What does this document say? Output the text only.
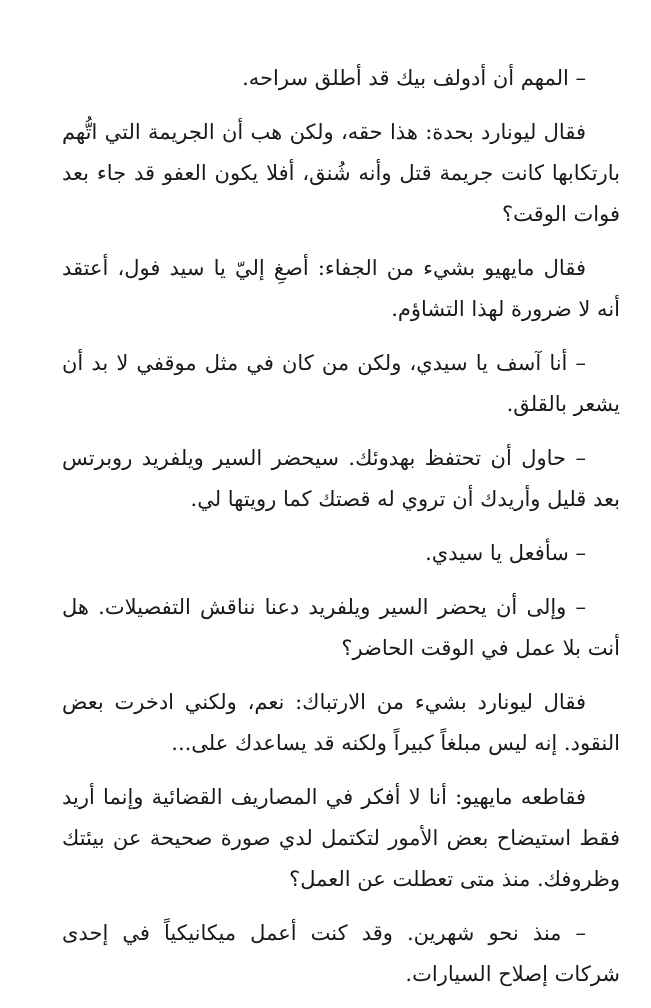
– المهم أن أدولف بيك قد أطلق سراحه.

فقال ليونارد بحدة: هذا حقه، ولكن هب أن الجريمة التي اتُّهم بارتكابها كانت جريمة قتل وأنه شُنق، أفلا يكون العفو قد جاء بعد فوات الوقت؟

فقال مايهيو بشيء من الجفاء: أصغِ إليّ يا سيد فول، أعتقد أنه لا ضرورة لهذا التشاؤم.

– أنا آسف يا سيدي، ولكن من كان في مثل موقفي لا بد أن يشعر بالقلق.

– حاول أن تحتفظ بهدوئك. سيحضر السير ويلفريد روبرتس بعد قليل وأريدك أن تروي له قصتك كما رويتها لي.

– سأفعل يا سيدي.

– وإلى أن يحضر السير ويلفريد دعنا نناقش التفصيلات. هل أنت بلا عمل في الوقت الحاضر؟

فقال ليونارد بشيء من الارتباك: نعم، ولكني ادخرت بعض النقود. إنه ليس مبلغاً كبيراً ولكنه قد يساعدك على...

فقاطعه مايهيو: أنا لا أفكر في المصاريف القضائية وإنما أريد فقط استيضاح بعض الأمور لتكتمل لدي صورة صحيحة عن بيئتك وظروفك. منذ متى تعطلت عن العمل؟

– منذ نحو شهرين. وقد كنت أعمل ميكانيكياً في إحدى شركات إصلاح السيارات.
